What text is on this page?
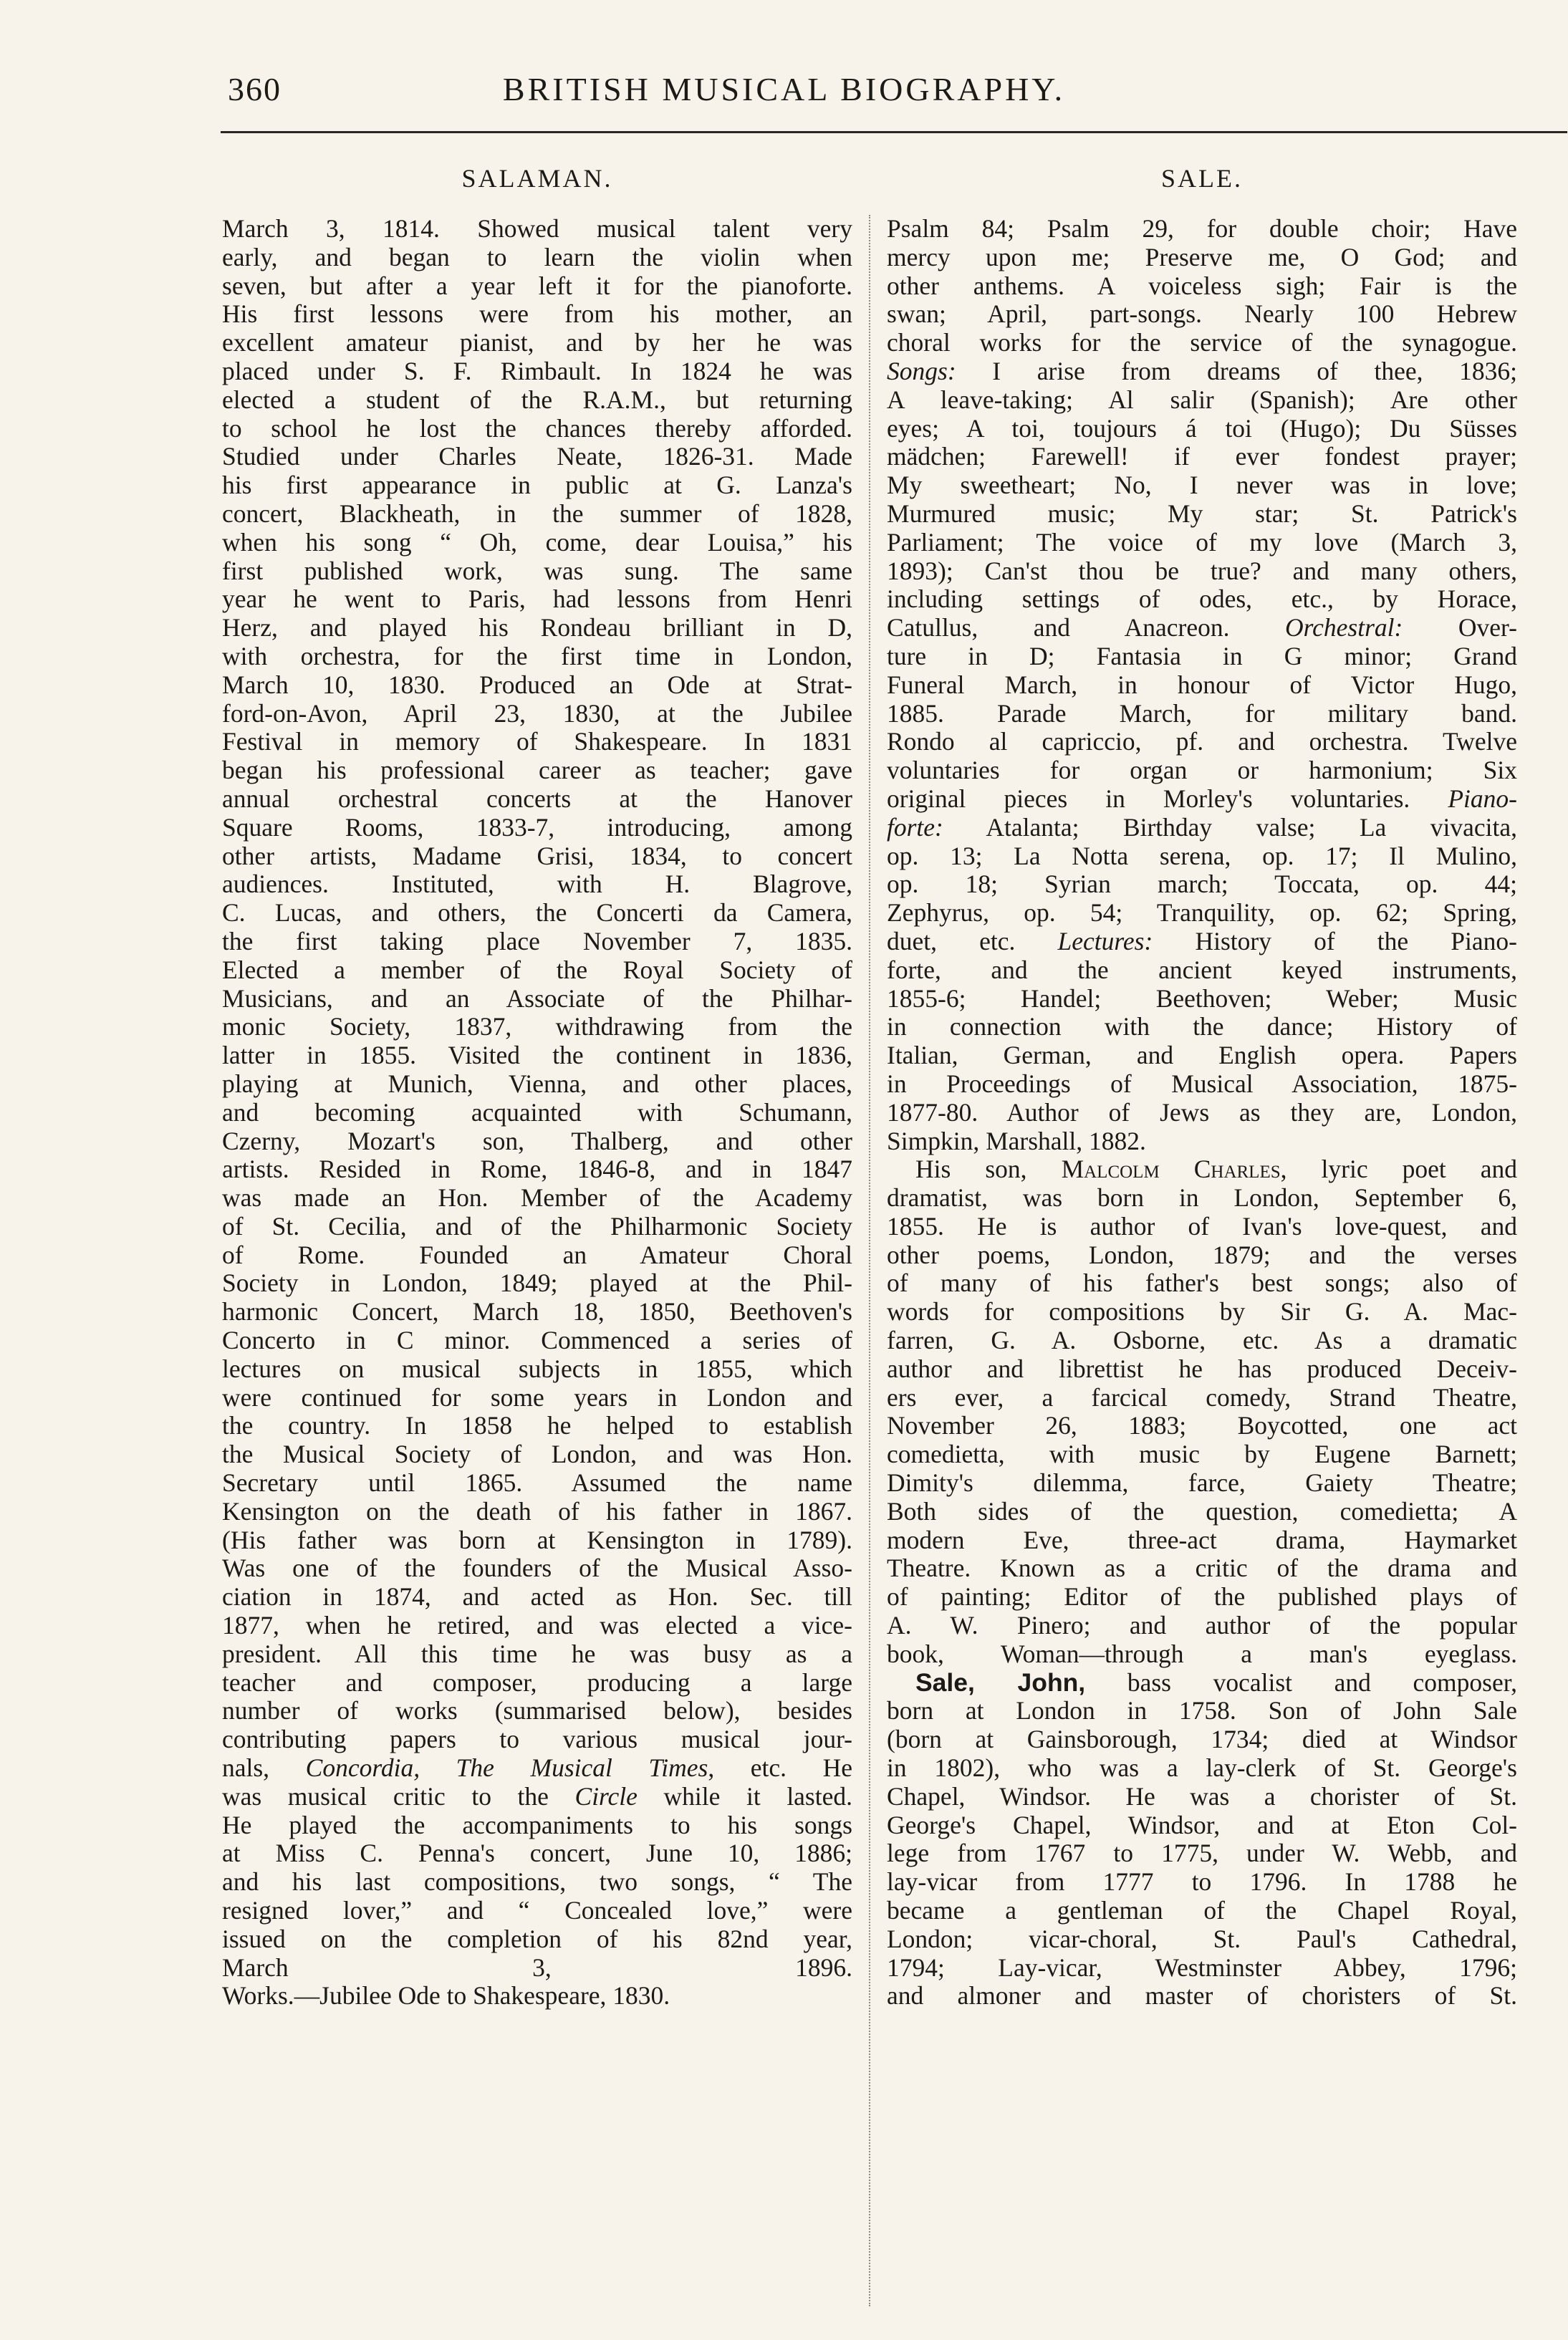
360	BRITISH MUSICAL BIOGRAPHY.
SALAMAN.	SALE.
March 3, 1814. Showed musical talent very
early, and began to learn the violin when
seven, but after a year left it for the pianoforte.
His first lessons were from his mother, an
excellent amateur pianist, and by her he was
placed under S. F. Rimbault. In 1824 he was
elected a student of the R.A.M., but returning
to school he lost the chances thereby afforded.
Studied under Charles Neate, 1826-31. Made
his first appearance in public at G. Lanza's
concert, Blackheath, in the summer of 1828,
when his song “ Oh, come, dear Louisa,” his
first published work, was sung. The same
year he went to Paris, had lessons from Henri
Herz, and played his Rondeau brilliant in D,
with orchestra, for the first time in London,
March 10, 1830. Produced an Ode at Strat-
ford-on-Avon, April 23, 1830, at the Jubilee
Festival in memory of Shakespeare. In 1831
began his professional career as teacher; gave
annual orchestral concerts at the Hanover
Square Rooms, 1833-7, introducing, among
other artists, Madame Grisi, 1834, to concert
audiences. Instituted, with H. Blagrove,
C. Lucas, and others, the Concerti da Camera,
the first taking place November 7, 1835.
Elected a member of the Royal Society of
Musicians, and an Associate of the Philhar-
monic Society, 1837, withdrawing from the
latter in 1855. Visited the continent in 1836,
playing at Munich, Vienna, and other places,
and becoming acquainted with Schumann,
Czerny, Mozart's son, Thalberg, and other
artists. Resided in Rome, 1846-8, and in 1847
was made an Hon. Member of the Academy
of St. Cecilia, and of the Philharmonic Society
of Rome. Founded an Amateur Choral
Society in London, 1849; played at the Phil-
harmonic Concert, March 18, 1850, Beethoven's
Concerto in C minor. Commenced a series of
lectures on musical subjects in 1855, which
were continued for some years in London and
the country. In 1858 he helped to establish
the Musical Society of London, and was Hon.
Secretary until 1865. Assumed the name
Kensington on the death of his father in 1867.
(His father was born at Kensington in 1789).
Was one of the founders of the Musical Asso-
ciation in 1874, and acted as Hon. Sec. till
1877, when he retired, and was elected a vice-
president. All this time he was busy as a
teacher and composer, producing a large
number of works (summarised below), besides
contributing papers to various musical jour-
nals, Concordia, The Musical Times, etc. He
was musical critic to the Circle while it lasted.
He played the accompaniments to his songs
at Miss C. Penna's concert, June 10, 1886;
and his last compositions, two songs, “ The
resigned lover,” and “ Concealed love,” were
issued on the completion of his 82nd year,
March 3, 1896.
Works.—Jubilee Ode to Shakespeare, 1830.
Psalm 84; Psalm 29, for double choir; Have
mercy upon me; Preserve me, O God; and
other anthems. A voiceless sigh; Fair is the
swan; April, part-songs. Nearly 100 Hebrew
choral works for the service of the synagogue.
Songs: I arise from dreams of thee, 1836;
A leave-taking; Al salir (Spanish); Are other
eyes; A toi, toujours á toi (Hugo); Du Süsses
mädchen; Farewell! if ever fondest prayer;
My sweetheart; No, I never was in love;
Murmured music; My star; St. Patrick's
Parliament; The voice of my love (March 3,
1893); Can'st thou be true? and many others,
including settings of odes, etc., by Horace,
Catullus, and Anacreon. Orchestral: Over-
ture in D; Fantasia in G minor; Grand
Funeral March, in honour of Victor Hugo,
1885. Parade March, for military band.
Rondo al capriccio, pf. and orchestra. Twelve
voluntaries for organ or harmonium; Six
original pieces in Morley's voluntaries. Piano-
forte: Atalanta; Birthday valse; La vivacita,
op. 13; La Notta serena, op. 17; Il Mulino,
op. 18; Syrian march; Toccata, op. 44;
Zephyrus, op. 54; Tranquility, op. 62; Spring,
duet, etc. Lectures: History of the Piano-
forte, and the ancient keyed instruments,
1855-6; Handel; Beethoven; Weber; Music
in connection with the dance; History of
Italian, German, and English opera. Papers
in Proceedings of Musical Association, 1875-
1877-80. Author of Jews as they are, London,
Simpkin, Marshall, 1882.
His son, Malcolm Charles, lyric poet and
dramatist, was born in London, September 6,
1855. He is author of Ivan's love-quest, and
other poems, London, 1879; and the verses
of many of his father's best songs; also of
words for compositions by Sir G. A. Mac-
farren, G. A. Osborne, etc. As a dramatic
author and librettist he has produced Deceiv-
ers ever, a farcical comedy, Strand Theatre,
November 26, 1883; Boycotted, one act
comedietta, with music by Eugene Barnett;
Dimity's dilemma, farce, Gaiety Theatre;
Both sides of the question, comedietta; A
modern Eve, three-act drama, Haymarket
Theatre. Known as a critic of the drama and
of painting; Editor of the published plays of
A. W. Pinero; and author of the popular
book, Woman—through a man's eyeglass.
Sale, John, bass vocalist and composer,
born at London in 1758. Son of John Sale
(born at Gainsborough, 1734; died at Windsor
in 1802), who was a lay-clerk of St. George's
Chapel, Windsor. He was a chorister of St.
George's Chapel, Windsor, and at Eton Col-
lege from 1767 to 1775, under W. Webb, and
lay-vicar from 1777 to 1796. In 1788 he
became a gentleman of the Chapel Royal,
London; vicar-choral, St. Paul's Cathedral,
1794; Lay-vicar, Westminster Abbey, 1796;
and almoner and master of choristers of St.
